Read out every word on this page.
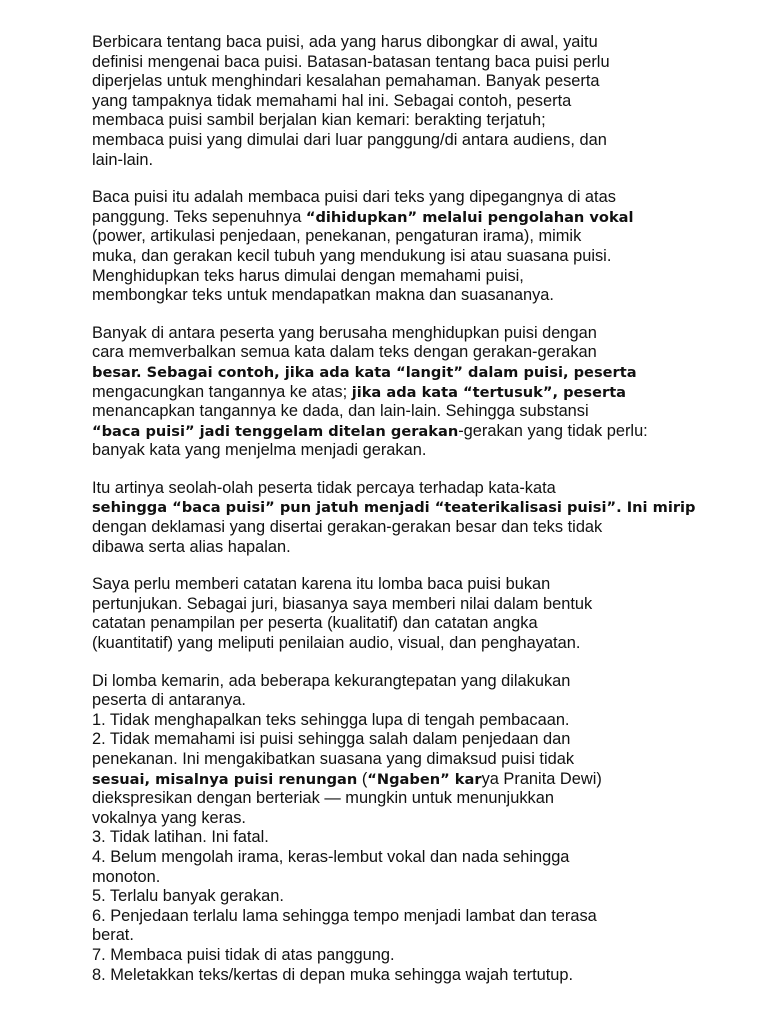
Berbicara tentang baca puisi, ada yang harus dibongkar di awal, yaitu
definisi mengenai baca puisi. Batasan-batasan tentang baca puisi perlu
diperjelas untuk menghindari kesalahan pemahaman. Banyak peserta
yang tampaknya tidak memahami hal ini. Sebagai contoh, peserta
membaca puisi sambil berjalan kian kemari: berakting terjatuh;
membaca puisi yang dimulai dari luar panggung/di antara audiens, dan
lain-lain.
Baca puisi itu adalah membaca puisi dari teks yang dipegangnya di atas
panggung. Teks sepenuhnya “dihidupkan” melalui pengolahan vokal
(power, artikulasi penjedaan, penekanan, pengaturan irama), mimik
muka, dan gerakan kecil tubuh yang mendukung isi atau suasana puisi.
Menghidupkan teks harus dimulai dengan memahami puisi,
membongkar teks untuk mendapatkan makna dan suasananya.
Banyak di antara peserta yang berusaha menghidupkan puisi dengan
cara memverbalkan semua kata dalam teks dengan gerakan-gerakan
besar. Sebagai contoh, jika ada kata “langit” dalam puisi, peserta
mengacungkan tangannya ke atas; jika ada kata “tertusuk”, peserta
menancapkan tangannya ke dada, dan lain-lain. Sehingga substansi
“baca puisi” jadi tenggelam ditelan gerakan-gerakan yang tidak perlu:
banyak kata yang menjelma menjadi gerakan.
Itu artinya seolah-olah peserta tidak percaya terhadap kata-kata
sehingga “baca puisi” pun jatuh menjadi “teaterikalisasi puisi”. Ini mirip
dengan deklamasi yang disertai gerakan-gerakan besar dan teks tidak
dibawa serta alias hapalan.
Saya perlu memberi catatan karena itu lomba baca puisi bukan
pertunjukan. Sebagai juri, biasanya saya memberi nilai dalam bentuk
catatan penampilan per peserta (kualitatif) dan catatan angka
(kuantitatif) yang meliputi penilaian audio, visual, dan penghayatan.
Di lomba kemarin, ada beberapa kekurangtepatan yang dilakukan
peserta di antaranya.
1. Tidak menghapalkan teks sehingga lupa di tengah pembacaan.
2. Tidak memahami isi puisi sehingga salah dalam penjedaan dan
penekanan. Ini mengakibatkan suasana yang dimaksud puisi tidak
sesuai, misalnya puisi renungan (“Ngaben” karya Pranita Dewi)
diekspresikan dengan berteriak — mungkin untuk menunjukkan
vokalnya yang keras.
3. Tidak latihan. Ini fatal.
4. Belum mengolah irama, keras-lembut vokal dan nada sehingga
monoton.
5. Terlalu banyak gerakan.
6. Penjedaan terlalu lama sehingga tempo menjadi lambat dan terasa
berat.
7. Membaca puisi tidak di atas panggung.
8. Meletakkan teks/kertas di depan muka sehingga wajah tertutup.
